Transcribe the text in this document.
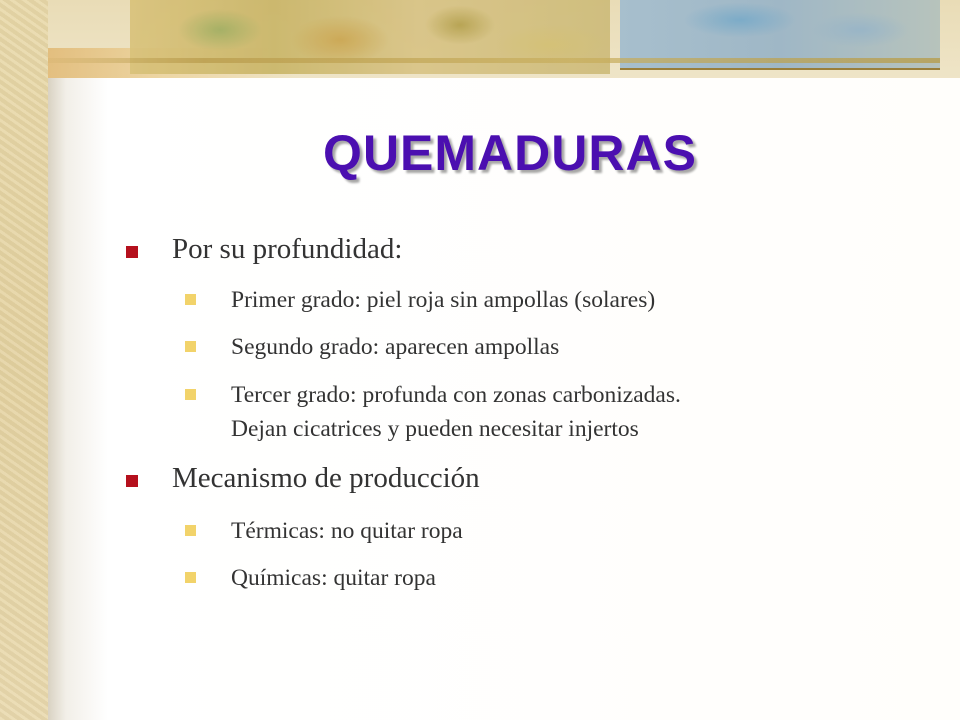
QUEMADURAS
Por su profundidad:
Primer grado: piel roja sin ampollas (solares)
Segundo grado: aparecen ampollas
Tercer grado: profunda con zonas carbonizadas.
Dejan cicatrices y pueden necesitar injertos
Mecanismo de producción
Térmicas: no quitar ropa
Químicas: quitar ropa
